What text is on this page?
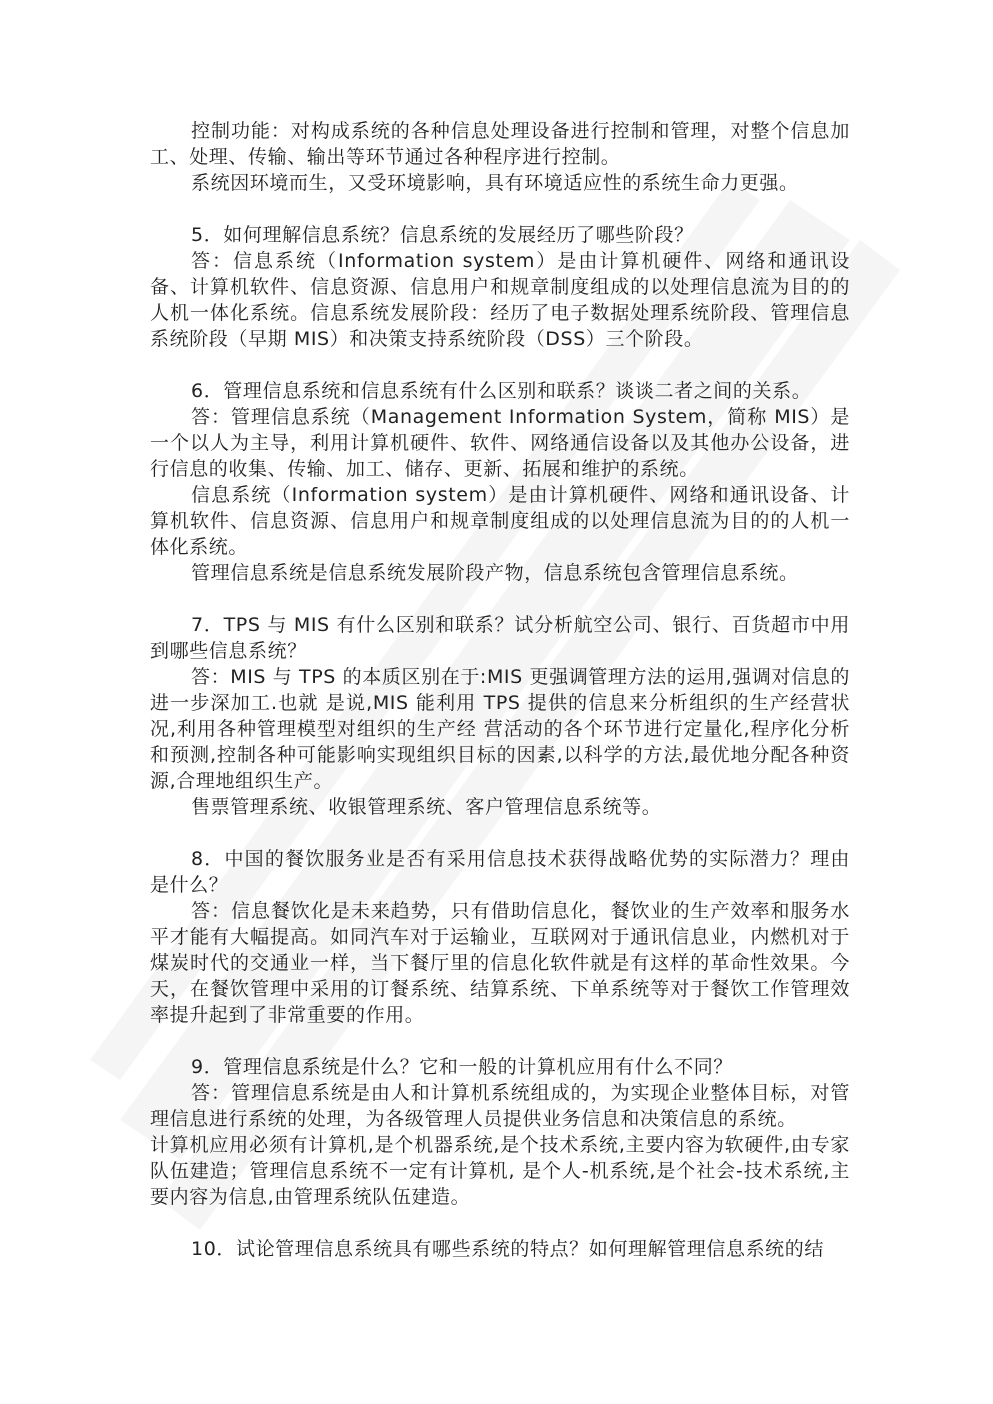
控制功能：对构成系统的各种信息处理设备进行控制和管理，对整个信息加工、处理、传输、输出等环节通过各种程序进行控制。

系统因环境而生，又受环境影响，具有环境适应性的系统生命力更强。

5．如何理解信息系统？信息系统的发展经历了哪些阶段？

答：信息系统（Information system）是由计算机硬件、网络和通讯设备、计算机软件、信息资源、信息用户和规章制度组成的以处理信息流为目的的人机一体化系统。信息系统发展阶段：经历了电子数据处理系统阶段、管理信息系统阶段（早期 MIS）和决策支持系统阶段（DSS）三个阶段。

6．管理信息系统和信息系统有什么区别和联系？谈谈二者之间的关系。

答：管理信息系统（Management Information System，简称 MIS）是一个以人为主导，利用计算机硬件、软件、网络通信设备以及其他办公设备，进行信息的收集、传输、加工、储存、更新、拓展和维护的系统。

信息系统（Information system）是由计算机硬件、网络和通讯设备、计算机软件、信息资源、信息用户和规章制度组成的以处理信息流为目的的人机一体化系统。

管理信息系统是信息系统发展阶段产物，信息系统包含管理信息系统。

7．TPS 与 MIS 有什么区别和联系？试分析航空公司、银行、百货超市中用到哪些信息系统？

答：MIS 与 TPS 的本质区别在于:MIS 更强调管理方法的运用,强调对信息的进一步深加工.也就 是说,MIS 能利用 TPS 提供的信息来分析组织的生产经营状况,利用各种管理模型对组织的生产经 营活动的各个环节进行定量化,程序化分析和预测,控制各种可能影响实现组织目标的因素,以科学的方法,最优地分配各种资源,合理地组织生产。

售票管理系统、收银管理系统、客户管理信息系统等。

8．中国的餐饮服务业是否有采用信息技术获得战略优势的实际潜力？理由是什么？

答：信息餐饮化是未来趋势，只有借助信息化，餐饮业的生产效率和服务水平才能有大幅提高。如同汽车对于运输业，互联网对于通讯信息业，内燃机对于煤炭时代的交通业一样，当下餐厅里的信息化软件就是有这样的革命性效果。今天，在餐饮管理中采用的订餐系统、结算系统、下单系统等对于餐饮工作管理效率提升起到了非常重要的作用。

9．管理信息系统是什么？它和一般的计算机应用有什么不同？

答：管理信息系统是由人和计算机系统组成的，为实现企业整体目标，对管理信息进行系统的处理，为各级管理人员提供业务信息和决策信息的系统。

计算机应用必须有计算机,是个机器系统,是个技术系统,主要内容为软硬件,由专家队伍建造；管理信息系统不一定有计算机, 是个人-机系统,是个社会-技术系统,主要内容为信息,由管理系统队伍建造。

10．试论管理信息系统具有哪些系统的特点？如何理解管理信息系统的结
